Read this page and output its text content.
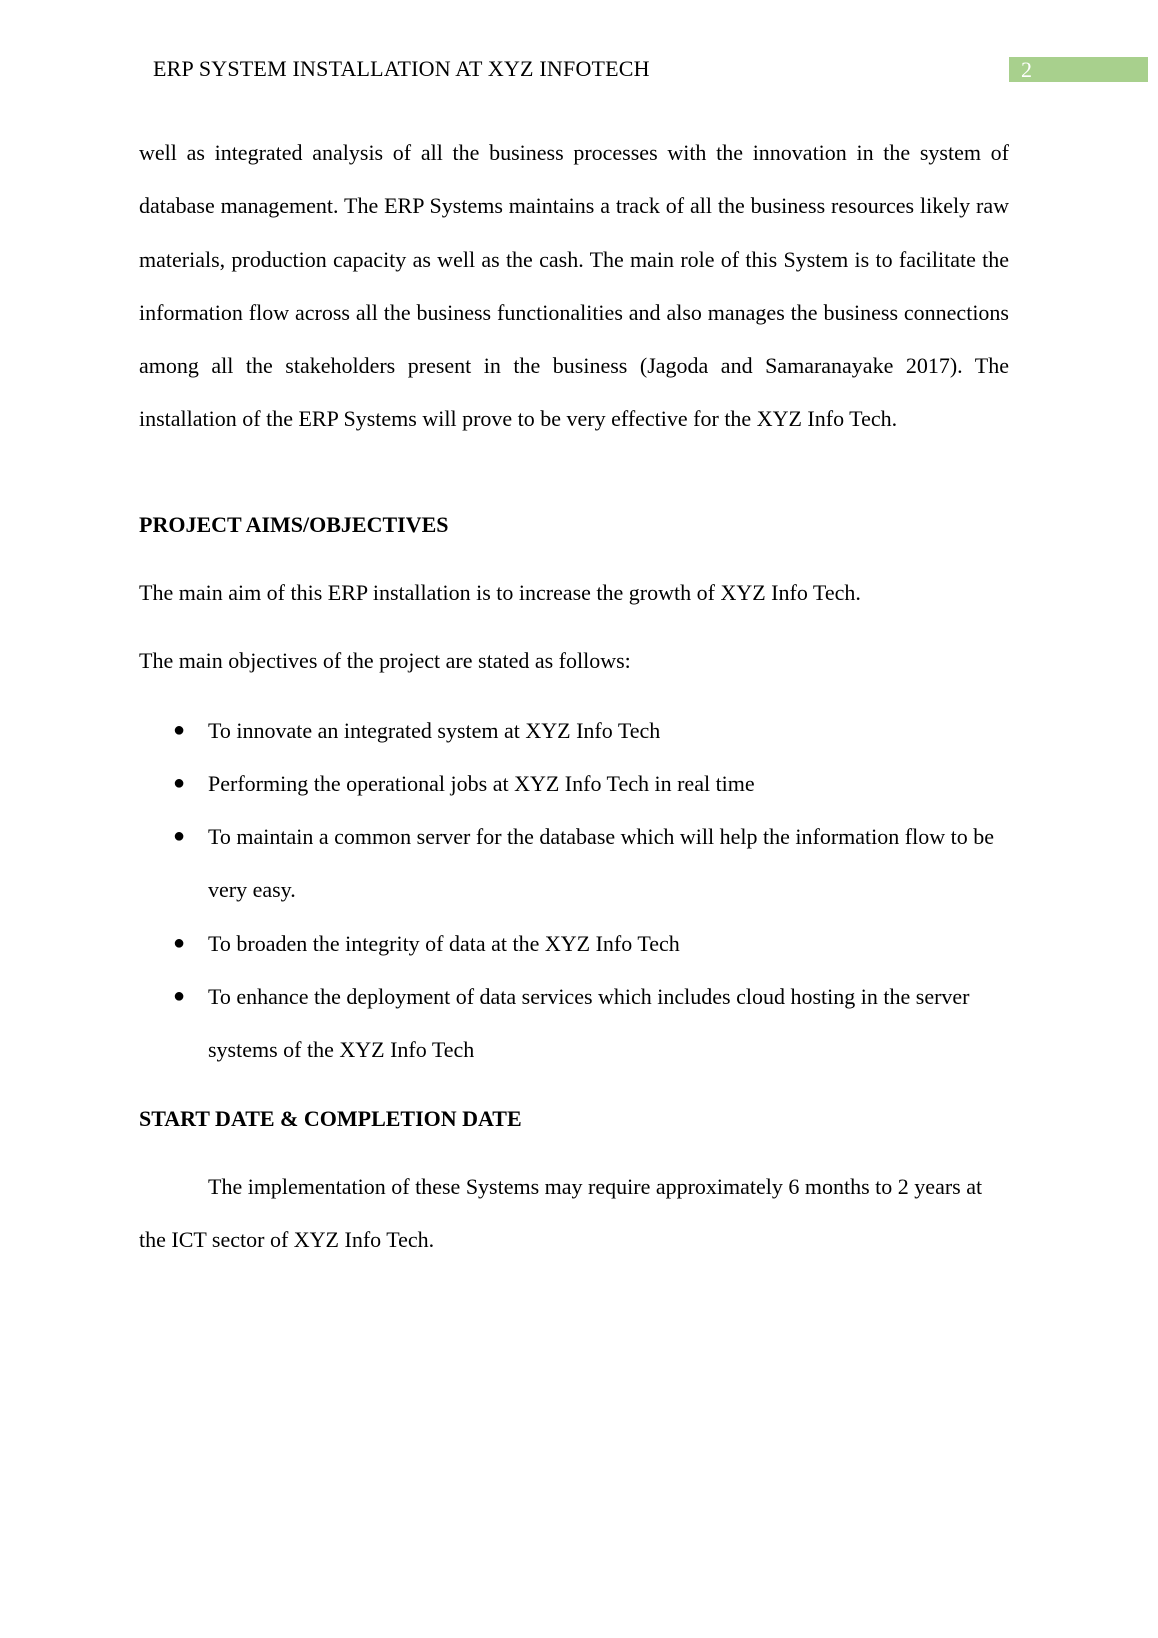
ERP SYSTEM INSTALLATION AT XYZ INFOTECH	2

well as integrated analysis of all the business processes with the innovation in the system of database management. The ERP Systems maintains a track of all the business resources likely raw materials, production capacity as well as the cash. The main role of this System is to facilitate the information flow across all the business functionalities and also manages the business connections among all the stakeholders present in the business (Jagoda and Samaranayake 2017). The installation of the ERP Systems will prove to be very effective for the XYZ Info Tech.

PROJECT AIMS/OBJECTIVES

The main aim of this ERP installation is to increase the growth of XYZ Info Tech.

The main objectives of the project are stated as follows:

●	To innovate an integrated system at XYZ Info Tech
●	Performing the operational jobs at XYZ Info Tech in real time
●	To maintain a common server for the database which will help the information flow to be very easy.
●	To broaden the integrity of data at the XYZ Info Tech
●	To enhance the deployment of data services which includes cloud hosting in the server systems of the XYZ Info Tech
START DATE & COMPLETION DATE

The implementation of these Systems may require approximately 6 months to 2 years at the ICT sector of XYZ Info Tech.
